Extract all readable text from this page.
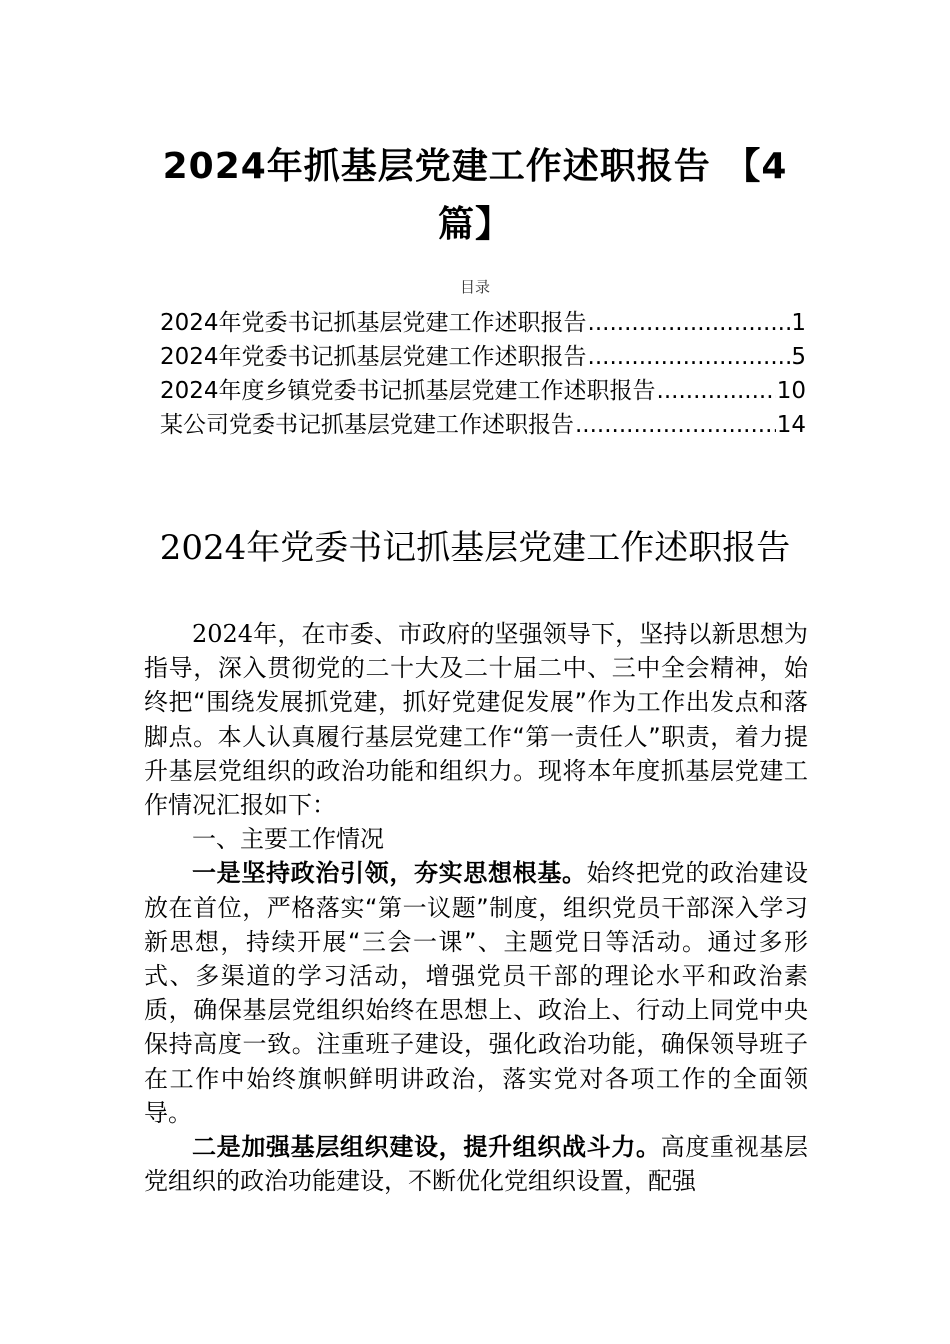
2024年抓基层党建工作述职报告 【4篇】
目录
2024年党委书记抓基层党建工作述职报告 .....	1
2024年党委书记抓基层党建工作述职报告 .....	5
2024年度乡镇党委书记抓基层党建工作述职报告 .....	10
某公司党委书记抓基层党建工作述职报告 .....	14
2024年党委书记抓基层党建工作述职报告

2024年，在市委、市政府的坚强领导下，坚持以新思想为指导，深入贯彻党的二十大及二十届二中、三中全会精神，始终把“围绕发展抓党建，抓好党建促发展”作为工作出发点和落脚点。本人认真履行基层党建工作“第一责任人”职责，着力提升基层党组织的政治功能和组织力。现将本年度抓基层党建工作情况汇报如下：

一、主要工作情况

一是坚持政治引领，夯实思想根基。始终把党的政治建设放在首位，严格落实“第一议题”制度，组织党员干部深入学习新思想，持续开展“三会一课”、主题党日等活动。通过多形式、多渠道的学习活动，增强党员干部的理论水平和政治素质，确保基层党组织始终在思想上、政治上、行动上同党中央保持高度一致。注重班子建设，强化政治功能，确保领导班子在工作中始终旗帜鲜明讲政治，落实党对各项工作的全面领导。

二是加强基层组织建设，提升组织战斗力。高度重视基层党组织的政治功能建设，不断优化党组织设置，配强
